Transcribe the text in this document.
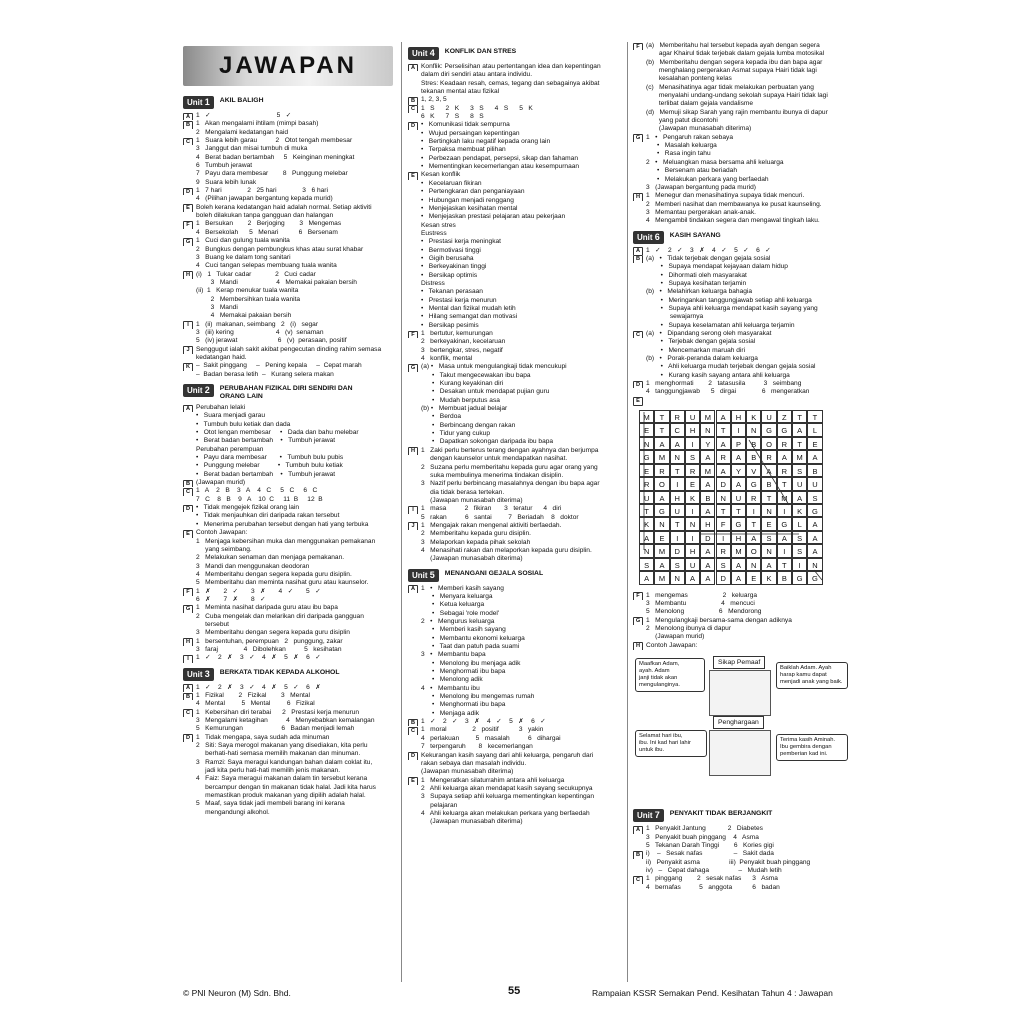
JAWAPAN
Unit 1	AKIL BALIGH
A 1   ✓                                    5   ✓
B 1   Akan mengalami ihtilam (mimpi basah)
2   Mengalami kedatangan haid
C 1   Suara lebih garau          2   Otot tengah membesar
3   Janggut dan misai tumbuh di muka
4   Berat badan bertambah     5   Keinginan meningkat
6   Tumbuh jerawat
7   Payu dara membesar        8   Punggung melebar
9   Suara lebih lunak
D 1   7 hari              2   25 hari              3   6 hari
4   (Pilihan jawapan bergantung kepada murid)
E Boleh kerana kedatangan haid adalah normal. Setiap aktiviti
boleh dilakukan tanpa gangguan dan halangan
F 1   Bersukan        2   Berjoging        3   Mengemas
4   Bersekolah      5   Menari           6   Bersenam
G 1   Cuci dan gulung tuala wanita
2   Bungkus dengan pembungkus khas atau surat khabar
3   Buang ke dalam tong sanitari
4   Cuci tangan selepas membuang tuala wanita
H (i)   1   Tukar cadar             2   Cuci cadar
3   Mandi                     4   Memakai pakaian bersih
(ii)  1   Kerap menukar tuala wanita
2   Membersihkan tuala wanita
3   Mandi
4   Memakai pakaian bersih
I	1   (ii)  makanan, seimbang   2   (i)   segar
3   (iii) kering                       4   (v)  senaman
5   (iv) jerawat                      6   (v)  perasaan, positif
J Senggugut ialah sakit akibat pengecutan dinding rahim semasa
kedatangan haid.
K –  Sakit pinggang     –   Pening kepala     –  Cepat marah
–  Badan berasa letih  –   Kurang selera makan
Unit 2	PERUBAHAN FIZIKAL DIRI SENDIRI DAN
ORANG LAIN
A Perubahan lelaki
•   Suara menjadi garau
•   Tumbuh bulu ketiak dan dada
•   Otot lengan membesar     •   Dada dan bahu melebar
•   Berat badan bertambah    •   Tumbuh jerawat
Perubahan perempuan
•   Payu dara membesar       •   Tumbuh bulu pubis
•   Punggung melebar          •   Tumbuh bulu ketiak
•   Berat badan bertambah    •   Tumbuh jerawat
B (Jawapan murid)
C 1   A    2   B    3   A    4   C     5   C     6   C
7   C    8   B    9   A    10  C     11  B     12  B
D •   Tidak mengejek fizikal orang lain
•   Tidak menjauhkan diri daripada rakan tersebut
•   Menerima perubahan tersebut dengan hati yang terbuka
E Contoh Jawapan:
1   Menjaga kebersihan muka dan menggunakan pemakanan
yang seimbang.
2   Melakukan senaman dan menjaga pemakanan.
3   Mandi dan menggunakan deodoran
4   Memberitahu dengan segera kepada guru disiplin.
5   Memberitahu dan meminta nasihat guru atau kaunselor.
F 1   ✗       2   ✓       3   ✗       4   ✓       5   ✓
6   ✗       7   ✗       8   ✓
G 1   Meminta nasihat daripada guru atau ibu bapa
2   Cuba mengelak dan melarikan diri daripada gangguan
tersebut
3   Memberitahu dengan segera kepada guru disiplin
H 1   bersentuhan, perempuan   2   punggung, zakar
3   faraj              4   Dibolehkan          5   kesihatan
I	1   ✓    2   ✗    3   ✓    4   ✗    5   ✗    6   ✓
Unit 3	BERKATA TIDAK KEPADA ALKOHOL
A 1   ✓    2   ✗    3   ✓    4   ✗    5   ✓    6   ✗
B 1   Fizikal        2   Fizikal        3   Mental
4   Mental         5   Mental         6   Fizikal
C 1   Kebersihan diri terabai      2   Prestasi kerja menurun
3   Mengalami ketagihan          4   Menyebabkan kemalangan
5   Kemurungan                     6   Badan menjadi lemah
D 1   Tidak mengapa, saya sudah ada minuman
2   Siti: Saya merogol makanan yang disediakan, kita perlu
berhati-hati semasa memilih makanan dan minuman.
3   Ramzi: Saya meragui kandungan bahan dalam coklat itu,
jadi kita perlu hati-hati memilih jenis makanan.
4   Faiz: Saya meragui makanan dalam tin tersebut kerana
bercampur dengan tin makanan tidak halal. Jadi kita harus
memastikan produk makanan yang dipilih adalah halal.
5   Maaf, saya tidak jadi membeli barang ini kerana
mengandungi alkohol.
Unit 4	KONFLIK DAN STRES
A Konflik: Perselisihan atau pertentangan idea dan kepentingan
dalam diri sendiri atau antara individu.
Stres: Keadaan resah, cemas, tegang dan sebagainya akibat
tekanan mental atau fizikal
B 1, 2, 3, 5
C 1   S      2   K      3   S      4   S      5   K
6   K      7   S      8   S
D •   Komunikasi tidak sempurna
•   Wujud persaingan kepentingan
•   Bertingkah laku negatif kepada orang lain
•   Terpaksa membuat pilihan
•   Perbezaan pendapat, persepsi, sikap dan fahaman
•   Mementingkan kecemerlangan atau kesempurnaan
E Kesan konflik
•   Kecelaruan fikiran
•   Pertengkaran dan penganiayaan
•   Hubungan menjadi renggang
•   Menjejaskan kesihatan mental
•   Menjejaskan prestasi pelajaran atau pekerjaan
Kesan stres
Eustress
•   Prestasi kerja meningkat
•   Bermotivasi tinggi
•   Gigih berusaha
•   Berkeyakinan tinggi
•   Bersikap optimis
Distress
•   Tekanan perasaan
•   Prestasi kerja menurun
•   Mental dan fizikal mudah letih
•   Hilang semangat dan motivasi
•   Bersikap pesimis
F 1   bertutur, kemurungan
2   berkeyakinan, kecelaruan
3   bertengkar, stres, negatif
4   konflik, mental
G (a) •   Masa untuk mengulangkaji tidak mencukupi
•   Takut mengecewakan ibu bapa
•   Kurang keyakinan diri
•   Desakan untuk mendapat pujian guru
•   Mudah berputus asa
(b) •   Membuat jadual belajar
•   Berdoa
•   Berbincang dengan rakan
•   Tidur yang cukup
•   Dapatkan sokongan daripada ibu bapa
H 1   Zaki perlu berterus terang dengan ayahnya dan berjumpa
dengan kaunselor untuk mendapatkan nasihat.
2   Suzana perlu memberitahu kepada guru agar orang yang
suka membulinya menerima tindakan disiplin.
3   Nazif perlu berbincang masalahnya dengan ibu bapa agar
dia tidak berasa tertekan.
(Jawapan munasabah diterima)
I	1   masa          2   fikiran       3   teratur      4   diri
5   rakan          6   santai         7   Beriadah    8   doktor
J 1   Mengajak rakan mengenal aktiviti berfaedah.
2   Memberitahu kepada guru disiplin.
3   Melaporkan kepada pihak sekolah
4   Menasihati rakan dan melaporkan kepada guru disiplin.
(Jawapan munasabah diterima)
Unit 5	MENANGANI GEJALA SOSIAL
A 1   •   Memberi kasih sayang
•   Menyara keluarga
•   Ketua keluarga
•   Sebagai 'role model'
2   •   Mengurus keluarga
•   Memberi kasih sayang
•   Membantu ekonomi keluarga
•   Taat dan patuh pada suami
3   •   Membantu bapa
•   Menolong ibu menjaga adik
•   Menghormati ibu bapa
•   Menolong adik
4   •   Membantu ibu
•   Menolong ibu mengemas rumah
•   Menghormati ibu bapa
•   Menjaga adik
B 1   ✓    2   ✓    3   ✗    4   ✓    5   ✗    6   ✓
C 1   moral              2   positif           3   yakin
4   perlakuan         5   masalah          6   dihargai
7   terpengaruh       8   kecemerlangan
D Kekurangan kasih sayang dari ahli keluarga, pengaruh dari
rakan sebaya dan masalah individu.
(Jawapan munasabah diterima)
E 1   Mengeratkan silaturrahim antara ahli keluarga
2   Ahli keluarga akan mendapat kasih sayang secukupnya
3   Supaya setiap ahli keluarga mementingkan kepentingan
pelajaran
4   Ahli keluarga akan melakukan perkara yang berfaedah
(Jawapan munasabah diterima)
F (a)   Memberitahu hal tersebut kepada ayah dengan segera
agar Khairul tidak terjebak dalam gejala lumba motosikal
(b)   Memberitahu dengan segera kepada ibu dan bapa agar
menghalang pergerakan Asmat supaya Hairi tidak lagi
kesalahan ponteng kelas
(c)   Menasihatinya agar tidak melakukan perbuatan yang
menyalahi undang-undang sekolah supaya Hairi tidak lagi
terlibat dalam gejala vandalisme
(d)   Memuji sikap Sarah yang rajin membantu ibunya di dapur
yang patut dicontohi
(Jawapan munasabah diterima)
G 1   •   Pengaruh rakan sebaya
•   Masalah keluarga
•   Rasa ingin tahu
2   •   Meluangkan masa bersama ahli keluarga
•   Bersenam atau beriadah
•   Melakukan perkara yang berfaedah
3   (Jawapan bergantung pada murid)
H 1   Menegur dan menasihatinya supaya tidak mencuri.
2   Memberi nasihat dan membawanya ke pusat kaunseling.
3   Memantau pergerakan anak-anak.
4   Mengambil tindakan segera dan mengawal tingkah laku.
Unit 6	KASIH SAYANG
A 1   ✓    2   ✓    3   ✗    4   ✓    5   ✓    6   ✓
B (a)   •   Tidak terjebak dengan gejala sosial
•   Supaya mendapat kejayaan dalam hidup
•   Dihormati oleh masyarakat
•   Supaya kesihatan terjamin
(b)   •   Melahirkan keluarga bahagia
•   Meringankan tanggungjawab setiap ahli keluarga
•   Supaya ahli keluarga mendapat kasih sayang yang
sewajarnya
•   Supaya keselamatan ahli keluarga terjamin
C (a)   •   Dipandang serong oleh masyarakat
•   Terjebak dengan gejala sosial
•   Mencemarkan maruah diri
(b)   •   Porak-peranda dalam keluarga
•   Ahli keluarga mudah terjebak dengan gejala sosial
•   Kurang kasih sayang antara ahli keluarga
D 1   menghormati        2   tatasusila          3   seimbang
4   tanggungjawab      5   dirgai              6   mengeratkan
E
M	T	R	U	M	A	H	K	U	Z	T	T
E	T	C	H	N	T	I	N	G	G	A	L
N	A	A	I	Y	A	P	B	O	R	T	E
G	M	N	S	A	R	A	B	R	A	M	A
E	R	T	R	M	A	Y	V	A	R	S	B
R	O	I	E	A	D	A	G	B	T	U	U
U	A	H	K	B	N	U	R	T	M	A	S
T	G	U	I	A	T	T	I	N	I	K	G
K	N	T	N	H	F	G	T	E	G	L	A
A	E	I	I	D	I	H	A	S	A	S	A
N	M	D	H	A	R	M	O	N	I	S	A
S	A	S	U	A	S	A	N	A	T	I	N
A	M	N	A	A	D	A	E	K	B	G	G
F 1   mengemas                   2   keluarga
3   Membantu                   4   mencuci
5   Menolong                   6   Mendorong
G 1   Mengulangkaji bersama-sama dengan adiknya
2   Menolong ibunya di dapur
(Jawapan murid)
H Contoh Jawapan:
Maafkan Adam,
ayah. Adam
janji tidak akan
mengulanginya.
Sikap Pemaaf
Baiklah Adam. Ayah
harap kamu dapat
menjadi anak yang baik.
Selamat hari ibu,
ibu. Ini kad hari lahir
untuk ibu.
Penghargaan
Terima kasih Aminah.
Ibu gembira dengan
pemberian kad ini.
Unit 7	PENYAKIT TIDAK BERJANGKIT
A 1   Penyakit Jantung            2   Diabetes
3   Penyakit buah pinggang    4   Asma
5   Tekanan Darah Tinggi        6   Kories gigi
B i)    –   Sesak nafas                 –   Sakit dada
ii)   Penyakit asma                iii)  Penyakit buah pinggang
iv)   –   Cepat dahaga                –   Mudah letih
C 1   pinggang        2   sesak nafas      3   Asma
4   bernafas          5   anggota           6   badan
© PNI Neuron (M) Sdn. Bhd.	55	Rampaian KSSR Semakan Pend. Kesihatan Tahun 4 : Jawapan
